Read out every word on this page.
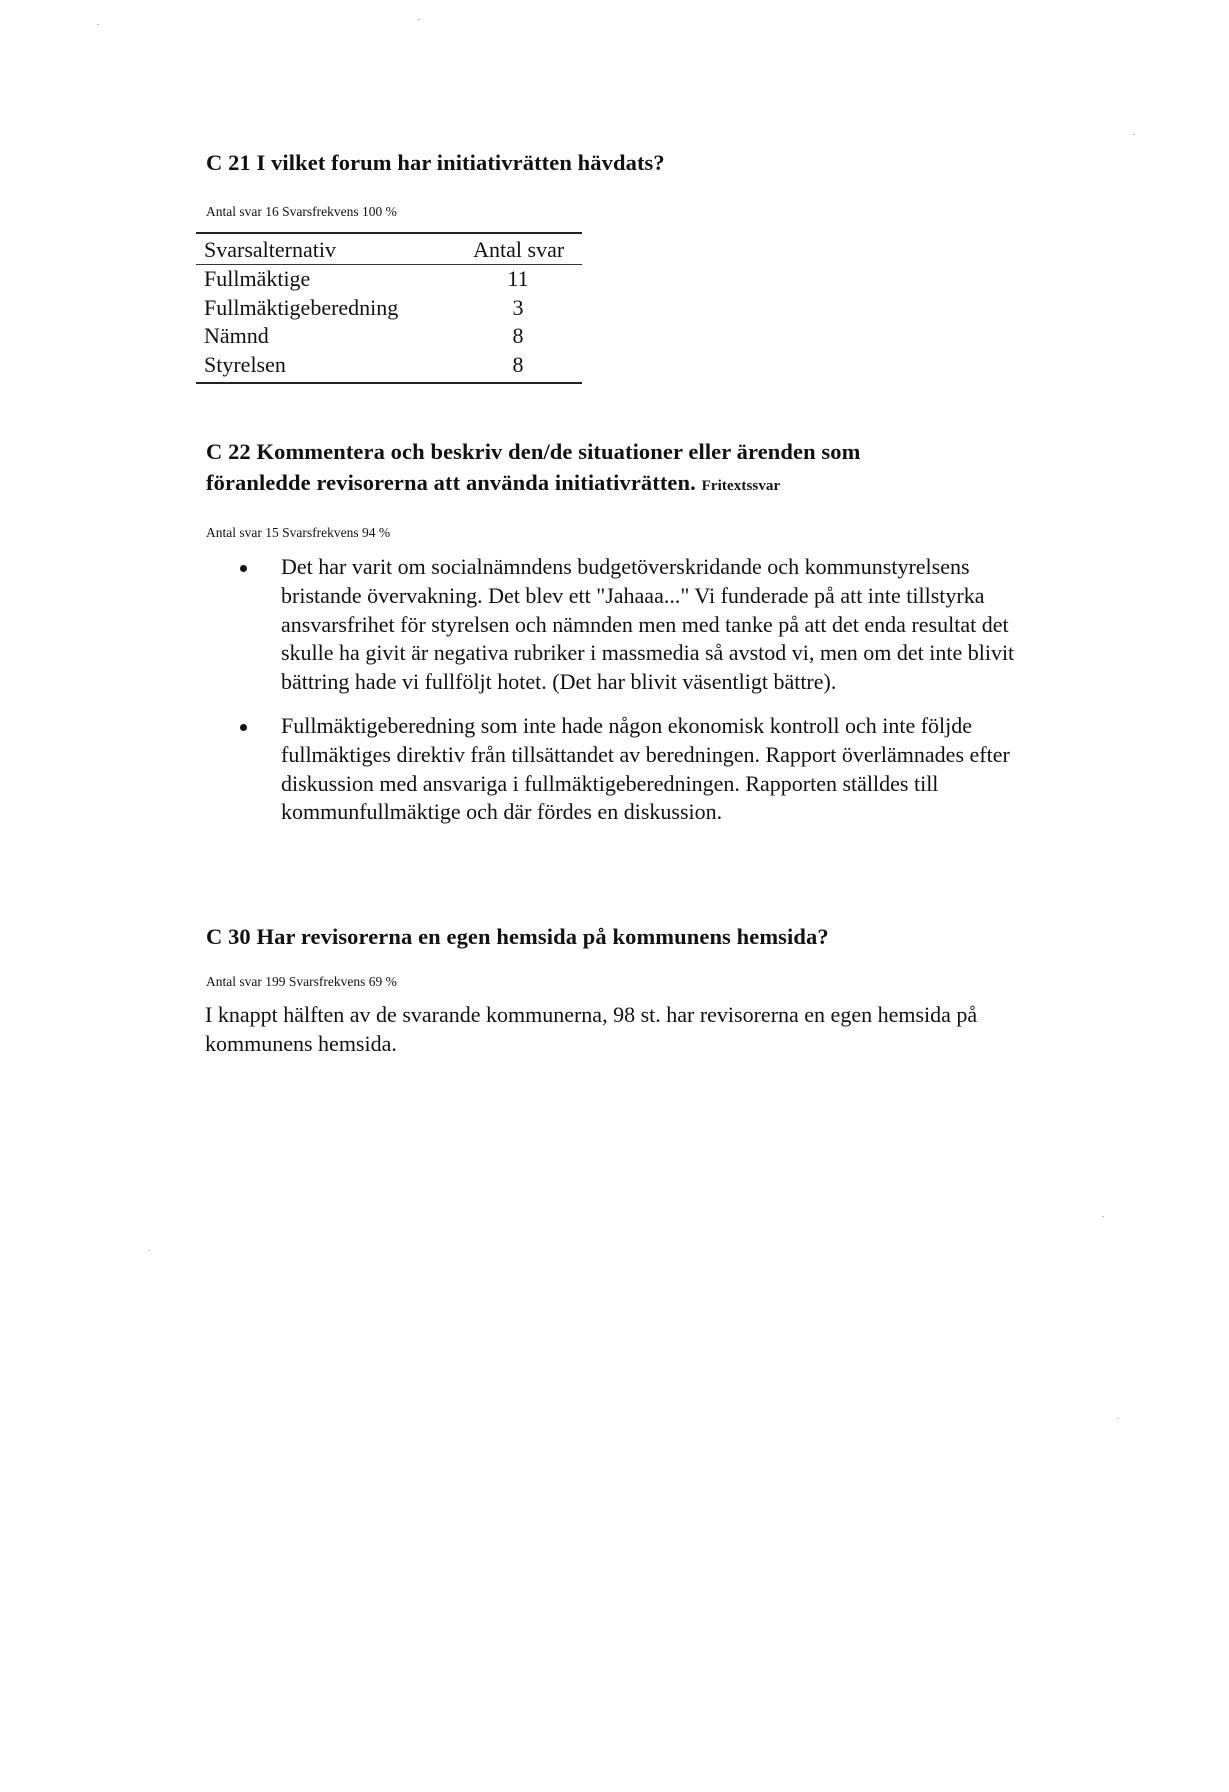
C 21 I vilket forum har initiativrätten hävdats?

Antal svar 16 Svarsfrekvens 100 %

Svarsalternativ	Antal svar
Fullmäktige	11
Fullmäktigeberedning	3
Nämnd	8
Styrelsen	8
C 22 Kommentera och beskriv den/de situationer eller ärenden som
föranledde revisorerna att använda initiativrätten. Fritextssvar

Antal svar 15 Svarsfrekvens 94 %

Det har varit om socialnämndens budgetöverskridande och kommunstyrelsens bristande övervakning. Det blev ett "Jahaaa..." Vi funderade på att inte tillstyrka ansvarsfrihet för styrelsen och nämnden men med tanke på att det enda resultat det skulle ha givit är negativa rubriker i massmedia så avstod vi, men om det inte blivit bättring hade vi fullföljt hotet. (Det har blivit väsentligt bättre).
Fullmäktigeberedning som inte hade någon ekonomisk kontroll och inte följde fullmäktiges direktiv från tillsättandet av beredningen. Rapport överlämnades efter diskussion med ansvariga i fullmäktigeberedningen. Rapporten ställdes till kommunfullmäktige och där fördes en diskussion.
C 30 Har revisorerna en egen hemsida på kommunens hemsida?

Antal svar 199 Svarsfrekvens 69 %

I knappt hälften av de svarande kommunerna, 98 st. har revisorerna en egen hemsida på kommunens hemsida.
